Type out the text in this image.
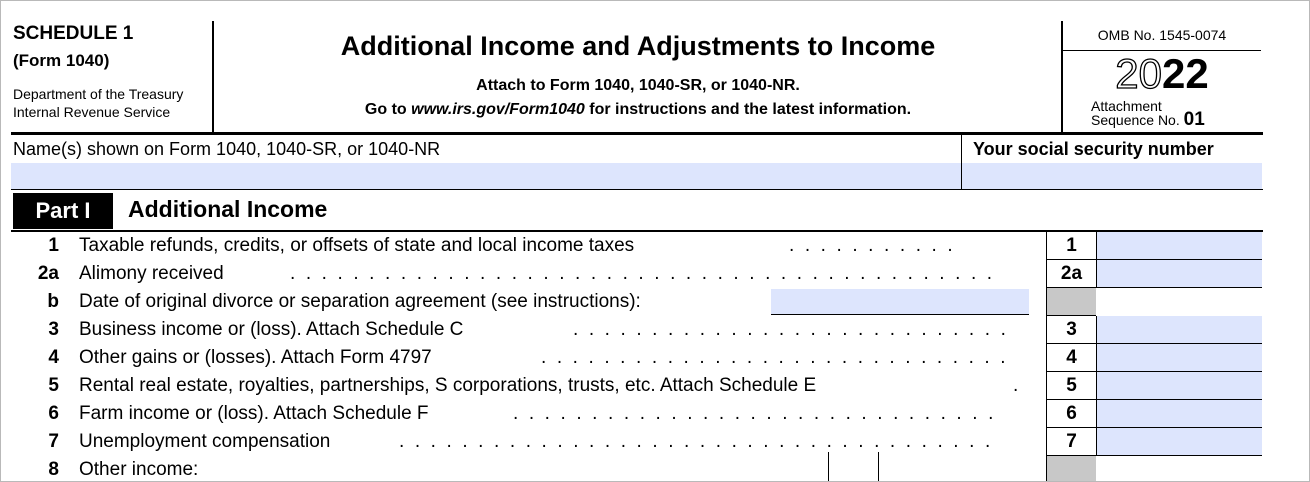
SCHEDULE 1
(Form 1040)
Department of the Treasury
Internal Revenue Service
Additional Income and Adjustments to Income
Attach to Form 1040, 1040-SR, or 1040-NR.
Go to www.irs.gov/Form1040 for instructions and the latest information.
OMB No. 1545-0074
2022
Attachment
Sequence No. 01
Name(s) shown on Form 1040, 1040-SR, or 1040-NR	Your social security number
Part I	Additional Income
1 Taxable refunds, credits, or offsets of state and local income taxes	.  .  .  .  .  .  .  .  .  .  .	1
2a Alimony received	.  .  .  .  .  .  .  .  .  .  .  .  .  .  .  .  .  .  .  .  .  .  .  .  .  .  .  .  .  .  .  .  .  .  .  .  .  .  .  .  .  .  .  .  .	2a
b Date of original divorce or separation agreement (see instructions):
3 Business income or (loss). Attach Schedule C	.  .  .  .  .  .  .  .  .  .  .  .  .  .  .  .  .  .  .  .  .  .  .  .  .  .  .  .	3
4 Other gains or (losses). Attach Form 4797	.  .  .  .  .  .  .  .  .  .  .  .  .  .  .  .  .  .  .  .  .  .  .  .  .  .  .  .  .  .	4
5 Rental real estate, royalties, partnerships, S corporations, trusts, etc. Attach Schedule E	.	5
6 Farm income or (loss). Attach Schedule F	.  .  .  .  .  .  .  .  .  .  .  .  .  .  .  .  .  .  .  .  .  .  .  .  .  .  .  .  .  .  .	6
7 Unemployment compensation	.  .  .  .  .  .  .  .  .  .  .  .  .  .  .  .  .  .  .  .  .  .  .  .  .  .  .  .  .  .  .  .  .  .  .  .  .  .	7
8 Other income:
